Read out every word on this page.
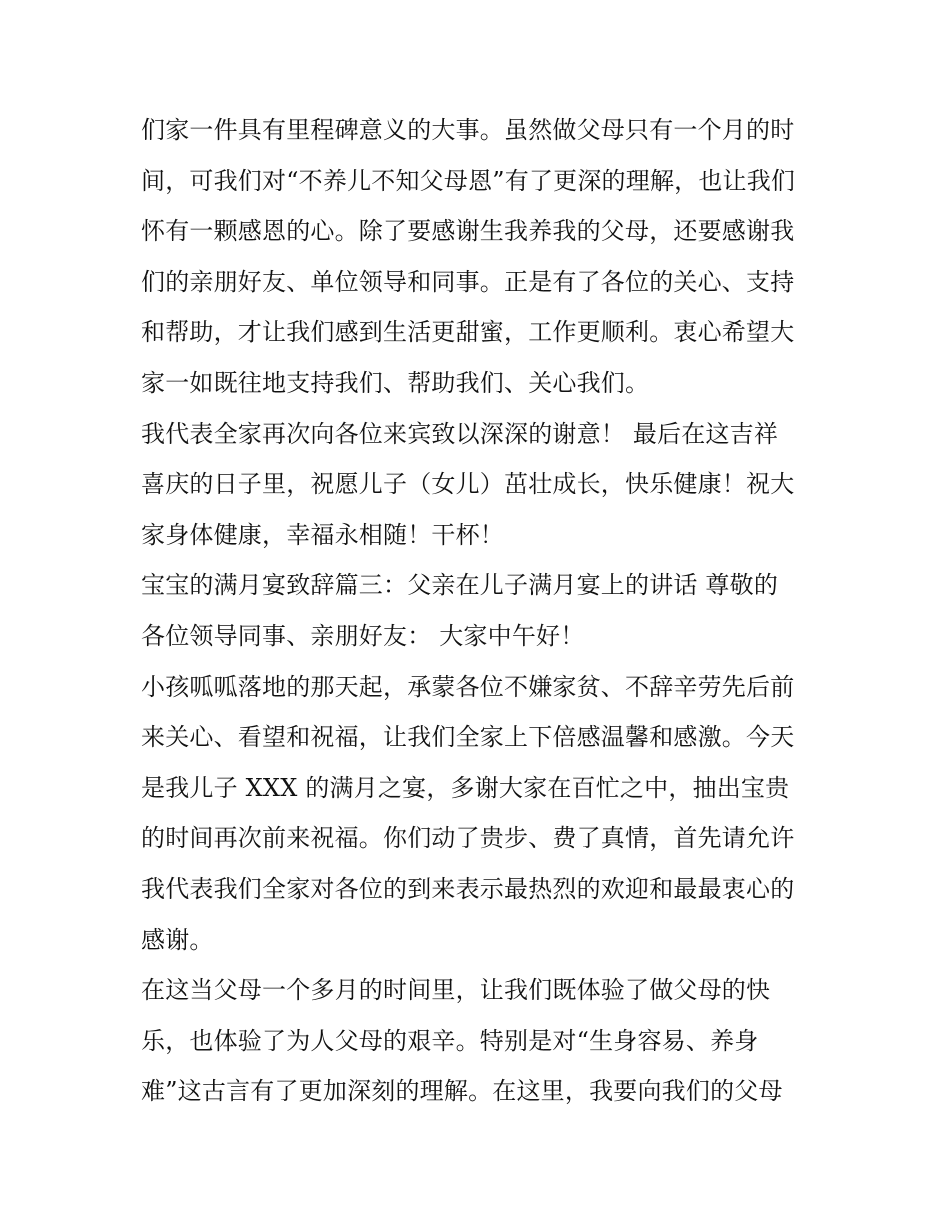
们家一件具有里程碑意义的大事。虽然做父母只有一个月的时
间，可我们对“不养儿不知父母恩”有了更深的理解，也让我们
怀有一颗感恩的心。除了要感谢生我养我的父母，还要感谢我
们的亲朋好友、单位领导和同事。正是有了各位的关心、支持
和帮助，才让我们感到生活更甜蜜，工作更顺利。衷心希望大
家一如既往地支持我们、帮助我们、关心我们。
我代表全家再次向各位来宾致以深深的谢意！ 最后在这吉祥
喜庆的日子里，祝愿儿子（女儿）茁壮成长，快乐健康！祝大
家身体健康，幸福永相随！干杯！
宝宝的满月宴致辞篇三：父亲在儿子满月宴上的讲话 尊敬的
各位领导同事、亲朋好友： 大家中午好！
小孩呱呱落地的那天起，承蒙各位不嫌家贫、不辞辛劳先后前
来关心、看望和祝福，让我们全家上下倍感温馨和感激。今天
是我儿子 XXX 的满月之宴，多谢大家在百忙之中，抽出宝贵
的时间再次前来祝福。你们动了贵步、费了真情，首先请允许
我代表我们全家对各位的到来表示最热烈的欢迎和最最衷心的
感谢。
在这当父母一个多月的时间里，让我们既体验了做父母的快
乐，也体验了为人父母的艰辛。特别是对“生身容易、养身
难”这古言有了更加深刻的理解。在这里，我要向我们的父母
